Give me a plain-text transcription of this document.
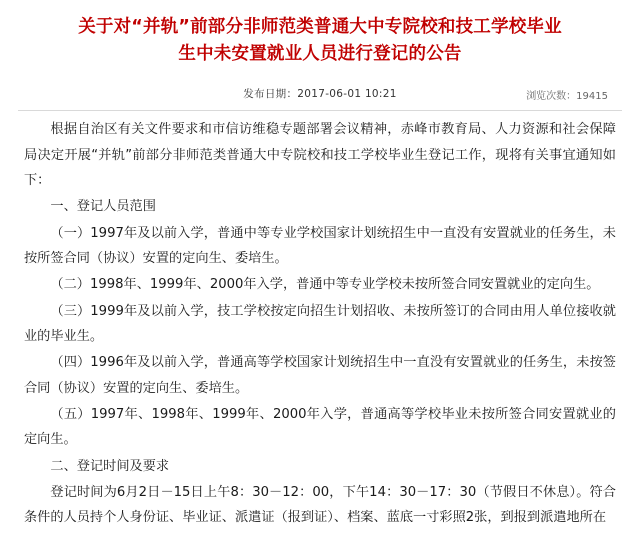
关于对“并轨”前部分非师范类普通大中专院校和技工学校毕业
生中未安置就业人员进行登记的公告
发布日期：2017-06-01 10:21	浏览次数：19415

根据自治区有关文件要求和市信访维稳专题部署会议精神，赤峰市教育局、人力资源和社会保障局决定开展“并轨”前部分非师范类普通大中专院校和技工学校毕业生登记工作，现将有关事宜通知如下：

一、登记人员范围

（一）1997年及以前入学，普通中等专业学校国家计划统招生中一直没有安置就业的任务生，未按所签合同（协议）安置的定向生、委培生。

（二）1998年、1999年、2000年入学，普通中等专业学校未按所签合同安置就业的定向生。

（三）1999年及以前入学，技工学校按定向招生计划招收、未按所签订的合同由用人单位接收就业的毕业生。

（四）1996年及以前入学，普通高等学校国家计划统招生中一直没有安置就业的任务生，未按签合同（协议）安置的定向生、委培生。

（五）1997年、1998年、1999年、2000年入学，普通高等学校毕业未按所签合同安置就业的定向生。

二、登记时间及要求

登记时间为6月2日－15日上午8：30－12：00，下午14：30－17：30（节假日不休息）。符合条件的人员持个人身份证、毕业证、派遣证（报到证）、档案、蓝底一寸彩照2张，到报到派遣地所在
